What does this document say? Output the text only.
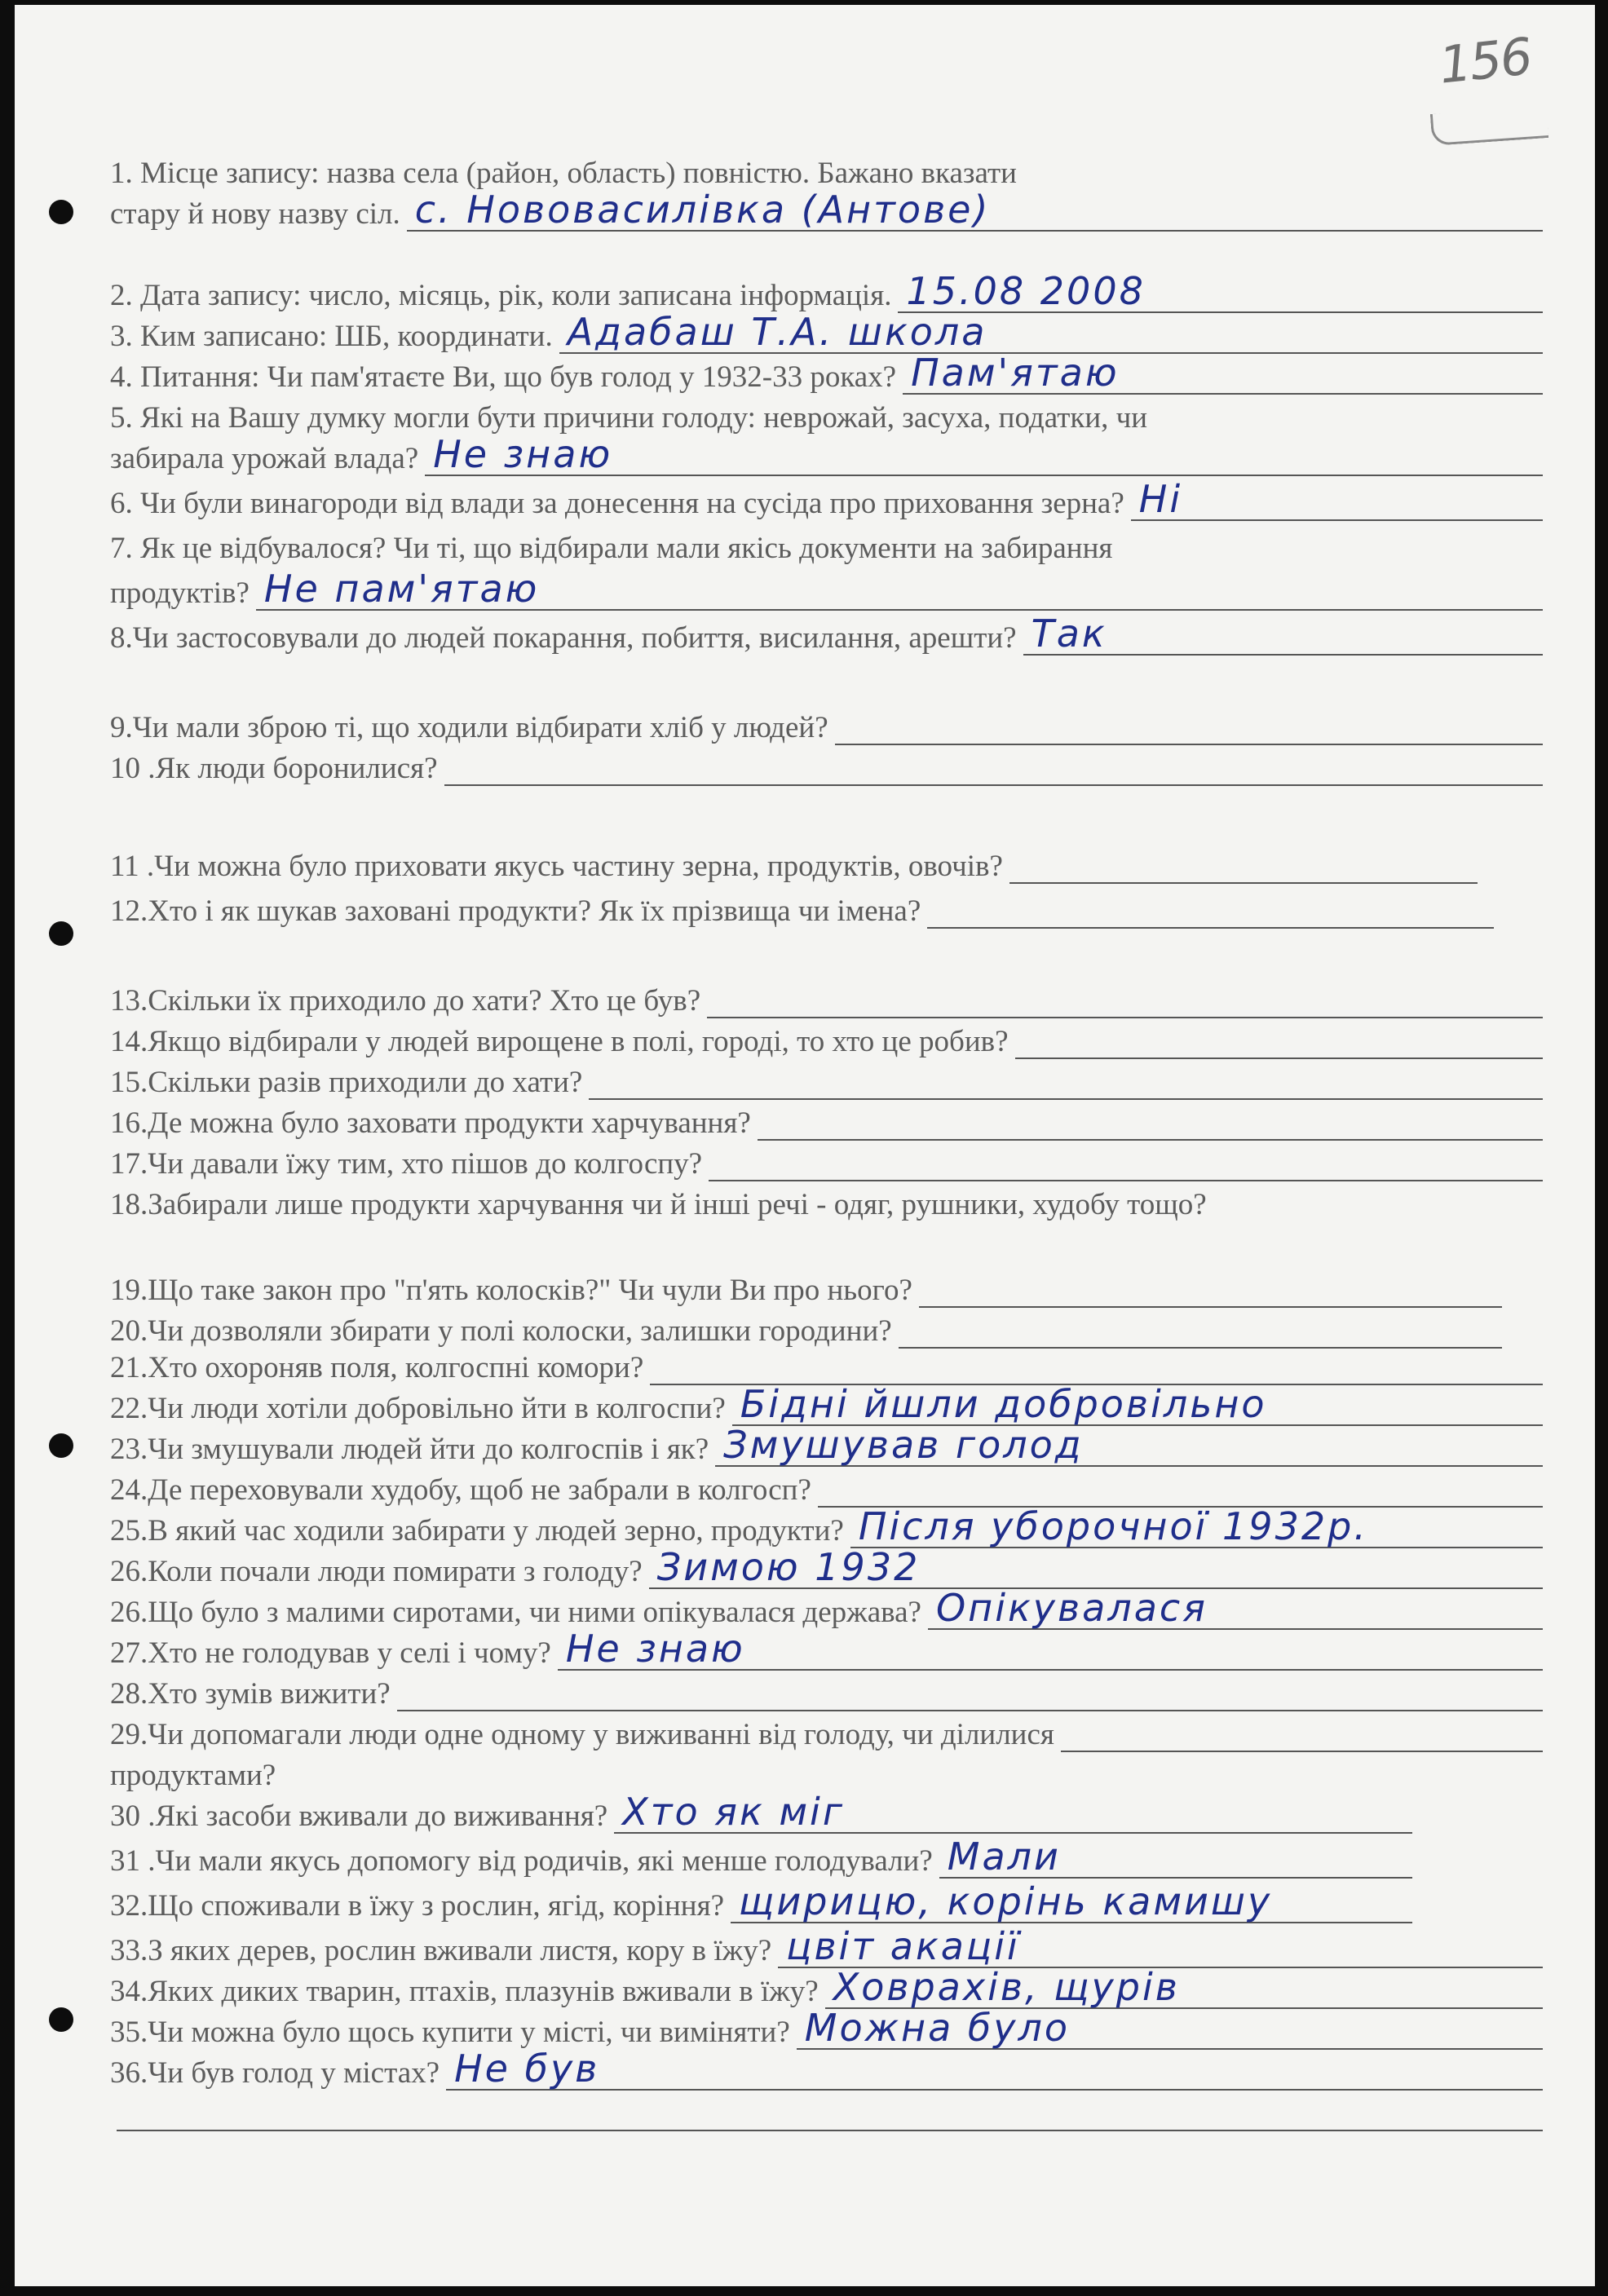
156
1. Місце запису: назва села (район, область) повністю. Бажано вказати
стару й нову назву сіл. с. Нововасилівка (Антове)
2. Дата запису: число, місяць, рік, коли записана інформація. 15.08 2008
3. Ким записано: ШБ, координати. Адабаш Т.А. школа
4. Питання: Чи пам'ятаєте Ви, що був голод у 1932-33 роках? Пам'ятаю
5. Які на Вашу думку могли бути причини голоду: неврожай, засуха, податки, чи
забирала урожай влада? Не знаю
6. Чи були винагороди від влади за донесення на сусіда про приховання зерна? Ні
7. Як це відбувалося? Чи ті, що відбирали мали якісь документи на забирання
продуктів? Не пам'ятаю
8.Чи застосовували до людей покарання, побиття, висилання, арешти? Так
9.Чи мали зброю ті, що ходили відбирати хліб у людей?
10 .Як люди боронилися?
11 .Чи можна було приховати якусь частину зерна, продуктів, овочів?
12.Хто і як шукав заховані продукти? Як їх прізвища чи імена?
13.Скільки їх приходило до хати? Хто це був?
14.Якщо відбирали у людей вирощене в полі, городі, то хто це робив?
15.Скільки разів приходили до хати?
16.Де можна було заховати продукти харчування?
17.Чи давали їжу тим, хто пішов до колгоспу?
18.Забирали лише продукти харчування чи й інші речі - одяг, рушники, худобу тощо?
19.Що таке закон про "п'ять колосків?" Чи чули Ви про нього?
20.Чи дозволяли збирати у полі колоски, залишки городини?
21.Хто охороняв поля, колгоспні комори?
22.Чи люди хотіли добровільно йти в колгоспи? Бідні йшли добровільно
23.Чи змушували людей йти до колгоспів і як? Змушував голод
24.Де переховували худобу, щоб не забрали в колгосп?
25.В який час ходили забирати у людей зерно, продукти? Після уборочної 1932р.
26.Коли почали люди помирати з голоду? Зимою 1932
26.Що було з малими сиротами, чи ними опікувалася держава? Опікувалася
27.Хто не голодував у селі і чому? Не знаю
28.Хто зумів вижити?
29.Чи допомагали люди одне одному у виживанні від голоду, чи ділилися
продуктами?
30 .Які засоби вживали до виживання? Хто як міг
31 .Чи мали якусь допомогу від родичів, які менше голодували? Мали
32.Що споживали в їжу з рослин, ягід, коріння? щирицю, корінь камишу
33.З яких дерев, рослин вживали листя, кору в їжу? цвіт акації
34.Яких диких тварин, птахів, плазунів вживали в їжу? Ховрахів, щурів
35.Чи можна було щось купити у місті, чи виміняти? Можна було
36.Чи був голод у містах? Не був
